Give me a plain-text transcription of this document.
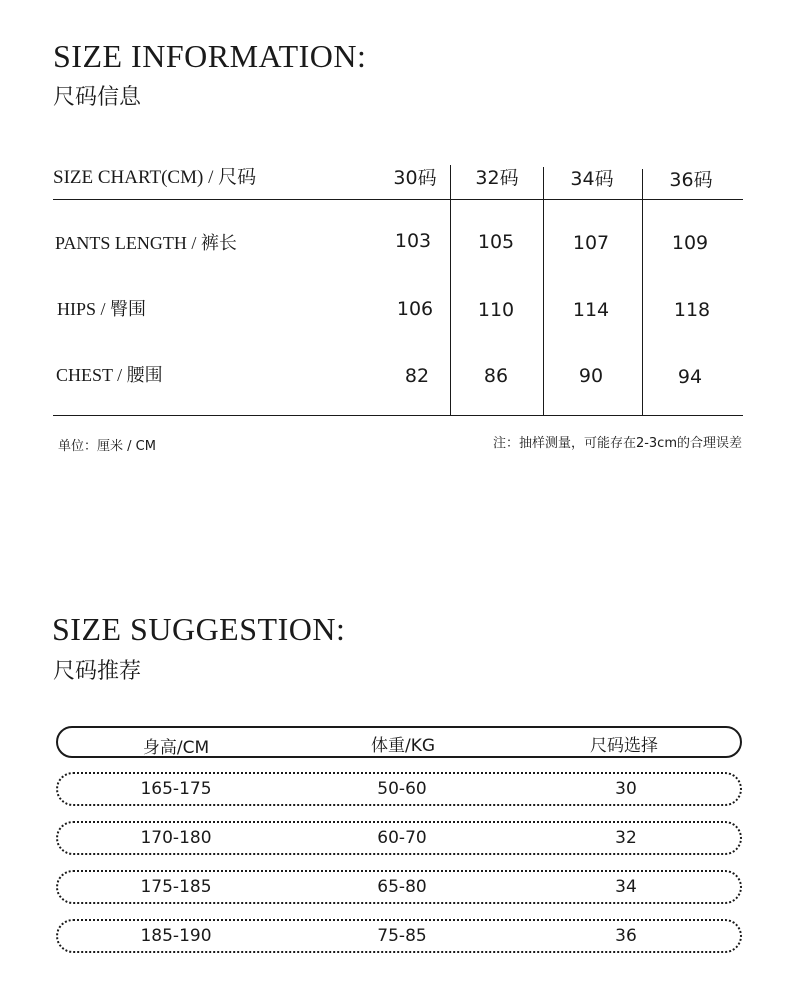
SIZE INFORMATION:
尺码信息
SIZE CHART(CM) / 尺码	30码	32码	34码	36码
PANTS LENGTH / 裤长	103	105	107	109
HIPS / 臀围	106	110	114	118
CHEST / 腰围	82	86	90	94
单位：厘米 / CM	注：抽样测量，可能存在2-3cm的合理误差
SIZE SUGGESTION:
尺码推荐
身高/CM	体重/KG	尺码选择
165-175	50-60	30
170-180	60-70	32
175-185	65-80	34
185-190	75-85	36
